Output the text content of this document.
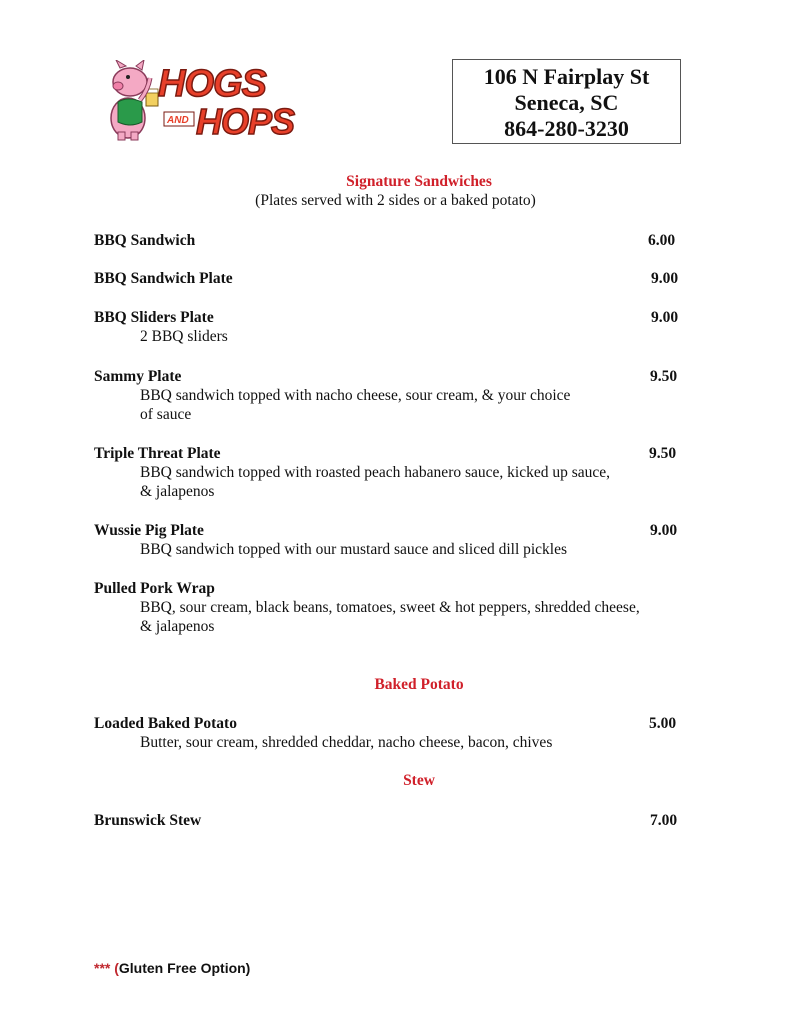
HOGS
AND HOPS
106 N Fairplay St
Seneca, SC
864-280-3230
Signature Sandwiches
(Plates served with 2 sides or a baked potato)
BBQ Sandwich	6.00
BBQ Sandwich Plate	9.00
BBQ Sliders Plate	9.00
2 BBQ sliders
Sammy Plate	9.50
BBQ sandwich topped with nacho cheese, sour cream, & your choice
of sauce
Triple Threat Plate	9.50
BBQ sandwich topped with roasted peach habanero sauce, kicked up sauce,
& jalapenos
Wussie Pig Plate	9.00
BBQ sandwich topped with our mustard sauce and sliced dill pickles
Pulled Pork Wrap
BBQ, sour cream, black beans, tomatoes, sweet & hot peppers, shredded cheese,
& jalapenos
Baked Potato
Loaded Baked Potato	5.00
Butter, sour cream, shredded cheddar, nacho cheese, bacon, chives
Stew
Brunswick Stew	7.00
*** (Gluten Free Option)
